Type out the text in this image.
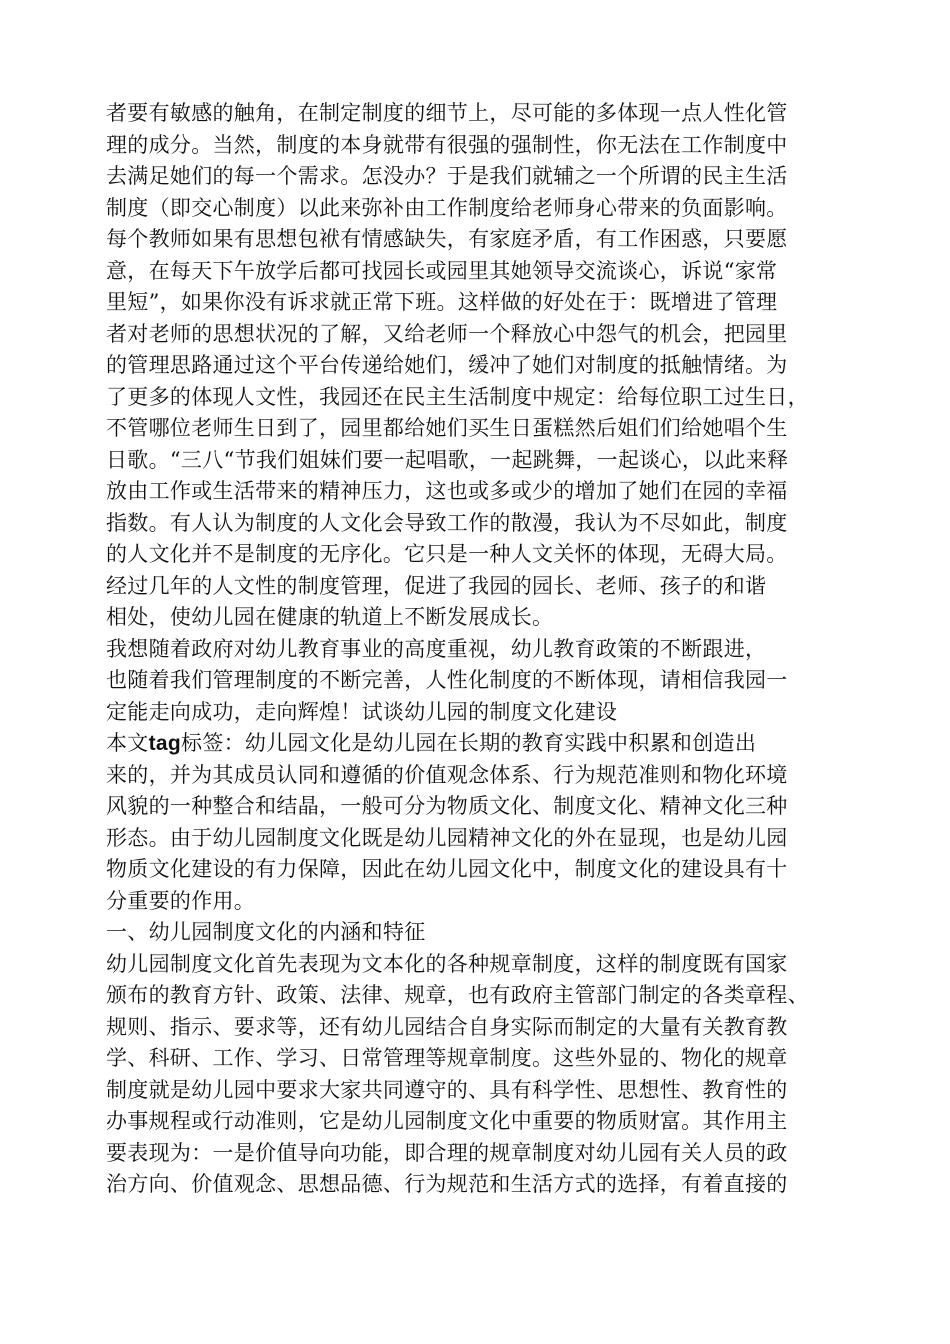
者要有敏感的触角，在制定制度的细节上，尽可能的多体现一点人性化管
理的成分。当然，制度的本身就带有很强的强制性，你无法在工作制度中
去满足她们的每一个需求。怎没办？于是我们就辅之一个所谓的民主生活
制度（即交心制度）以此来弥补由工作制度给老师身心带来的负面影响。
每个教师如果有思想包袱有情感缺失，有家庭矛盾，有工作困惑，只要愿
意，在每天下午放学后都可找园长或园里其她领导交流谈心，诉说“家常
里短”，如果你没有诉求就正常下班。这样做的好处在于：既增进了管理
者对老师的思想状况的了解，又给老师一个释放心中怨气的机会，把园里
的管理思路通过这个平台传递给她们，缓冲了她们对制度的抵触情绪。为
了更多的体现人文性，我园还在民主生活制度中规定：给每位职工过生日，
不管哪位老师生日到了，园里都给她们买生日蛋糕然后姐们们给她唱个生
日歌。“三八“节我们姐妹们要一起唱歌，一起跳舞，一起谈心，以此来释
放由工作或生活带来的精神压力，这也或多或少的增加了她们在园的幸福
指数。有人认为制度的人文化会导致工作的散漫，我认为不尽如此，制度
的人文化并不是制度的无序化。它只是一种人文关怀的体现，无碍大局。
经过几年的人文性的制度管理，促进了我园的园长、老师、孩子的和谐
相处，使幼儿园在健康的轨道上不断发展成长。
我想随着政府对幼儿教育事业的高度重视，幼儿教育政策的不断跟进，
也随着我们管理制度的不断完善，人性化制度的不断体现，请相信我园一
定能走向成功，走向辉煌！试谈幼儿园的制度文化建设
本文tag标签：幼儿园文化是幼儿园在长期的教育实践中积累和创造出
来的，并为其成员认同和遵循的价值观念体系、行为规范准则和物化环境
风貌的一种整合和结晶，一般可分为物质文化、制度文化、精神文化三种
形态。由于幼儿园制度文化既是幼儿园精神文化的外在显现，也是幼儿园
物质文化建设的有力保障，因此在幼儿园文化中，制度文化的建设具有十
分重要的作用。
一、幼儿园制度文化的内涵和特征
幼儿园制度文化首先表现为文本化的各种规章制度，这样的制度既有国家
颁布的教育方针、政策、法律、规章，也有政府主管部门制定的各类章程、
规则、指示、要求等，还有幼儿园结合自身实际而制定的大量有关教育教
学、科研、工作、学习、日常管理等规章制度。这些外显的、物化的规章
制度就是幼儿园中要求大家共同遵守的、具有科学性、思想性、教育性的
办事规程或行动准则，它是幼儿园制度文化中重要的物质财富。其作用主
要表现为：一是价值导向功能，即合理的规章制度对幼儿园有关人员的政
治方向、价值观念、思想品德、行为规范和生活方式的选择，有着直接的
